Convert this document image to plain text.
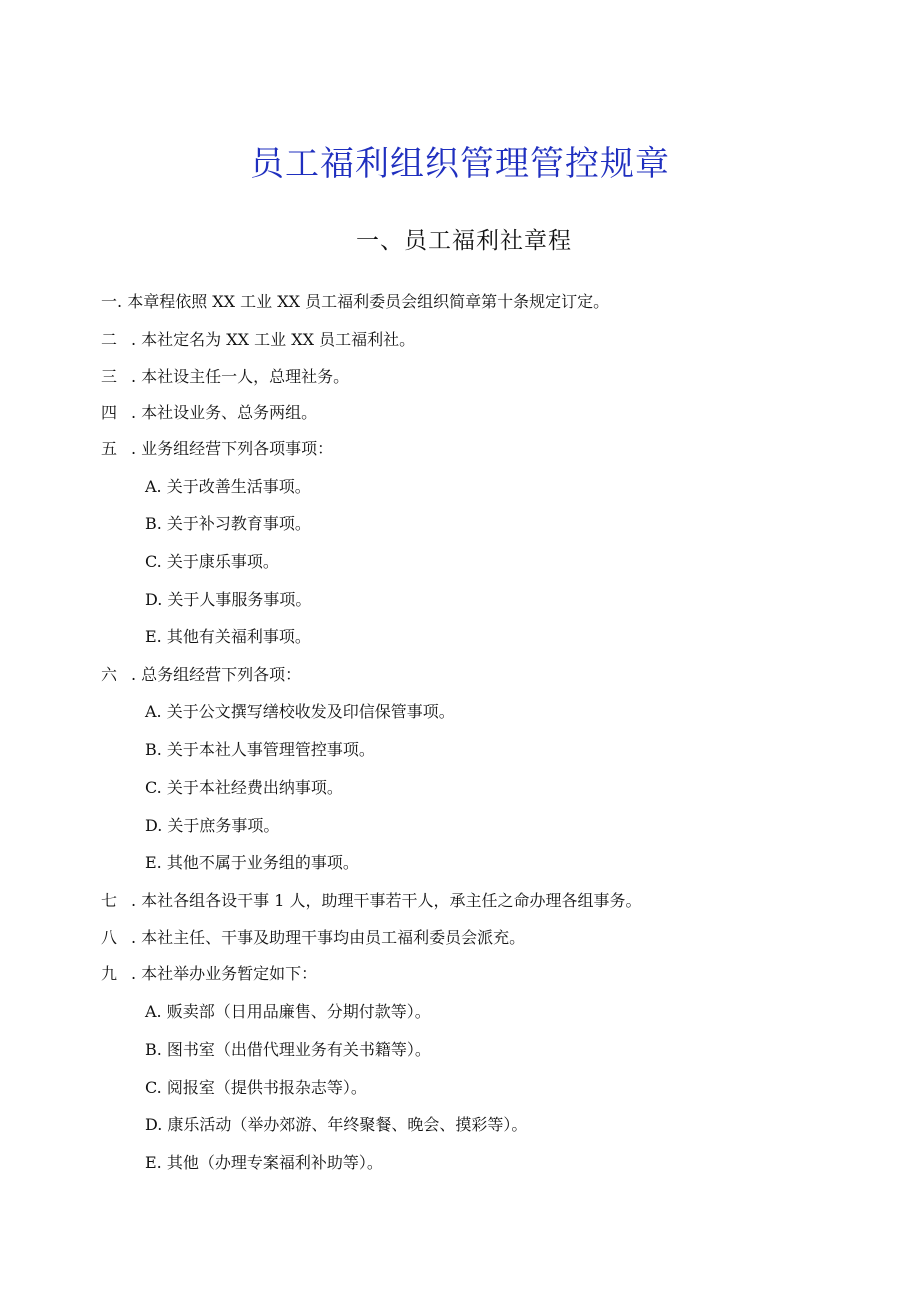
员工福利组织管理管控规章
一、员工福利社章程
一. 本章程依照 XX 工业 XX 员工福利委员会组织简章第十条规定订定。
二 . 本社定名为 XX 工业 XX 员工福利社。
三 . 本社设主任一人，总理社务。
四 . 本社设业务、总务两组。
五 . 业务组经营下列各项事项：
A. 关于改善生活事项。
B. 关于补习教育事项。
C. 关于康乐事项。
D. 关于人事服务事项。
E. 其他有关福利事项。
六 . 总务组经营下列各项：
A. 关于公文撰写缮校收发及印信保管事项。
B. 关于本社人事管理管控事项。
C. 关于本社经费出纳事项。
D. 关于庶务事项。
E. 其他不属于业务组的事项。
七 . 本社各组各设干事 1 人，助理干事若干人，承主任之命办理各组事务。
八 . 本社主任、干事及助理干事均由员工福利委员会派充。
九 . 本社举办业务暂定如下：
A. 贩卖部（日用品廉售、分期付款等）。
B. 图书室（出借代理业务有关书籍等）。
C. 阅报室（提供书报杂志等）。
D. 康乐活动（举办郊游、年终聚餐、晚会、摸彩等）。
E. 其他（办理专案福利补助等）。
